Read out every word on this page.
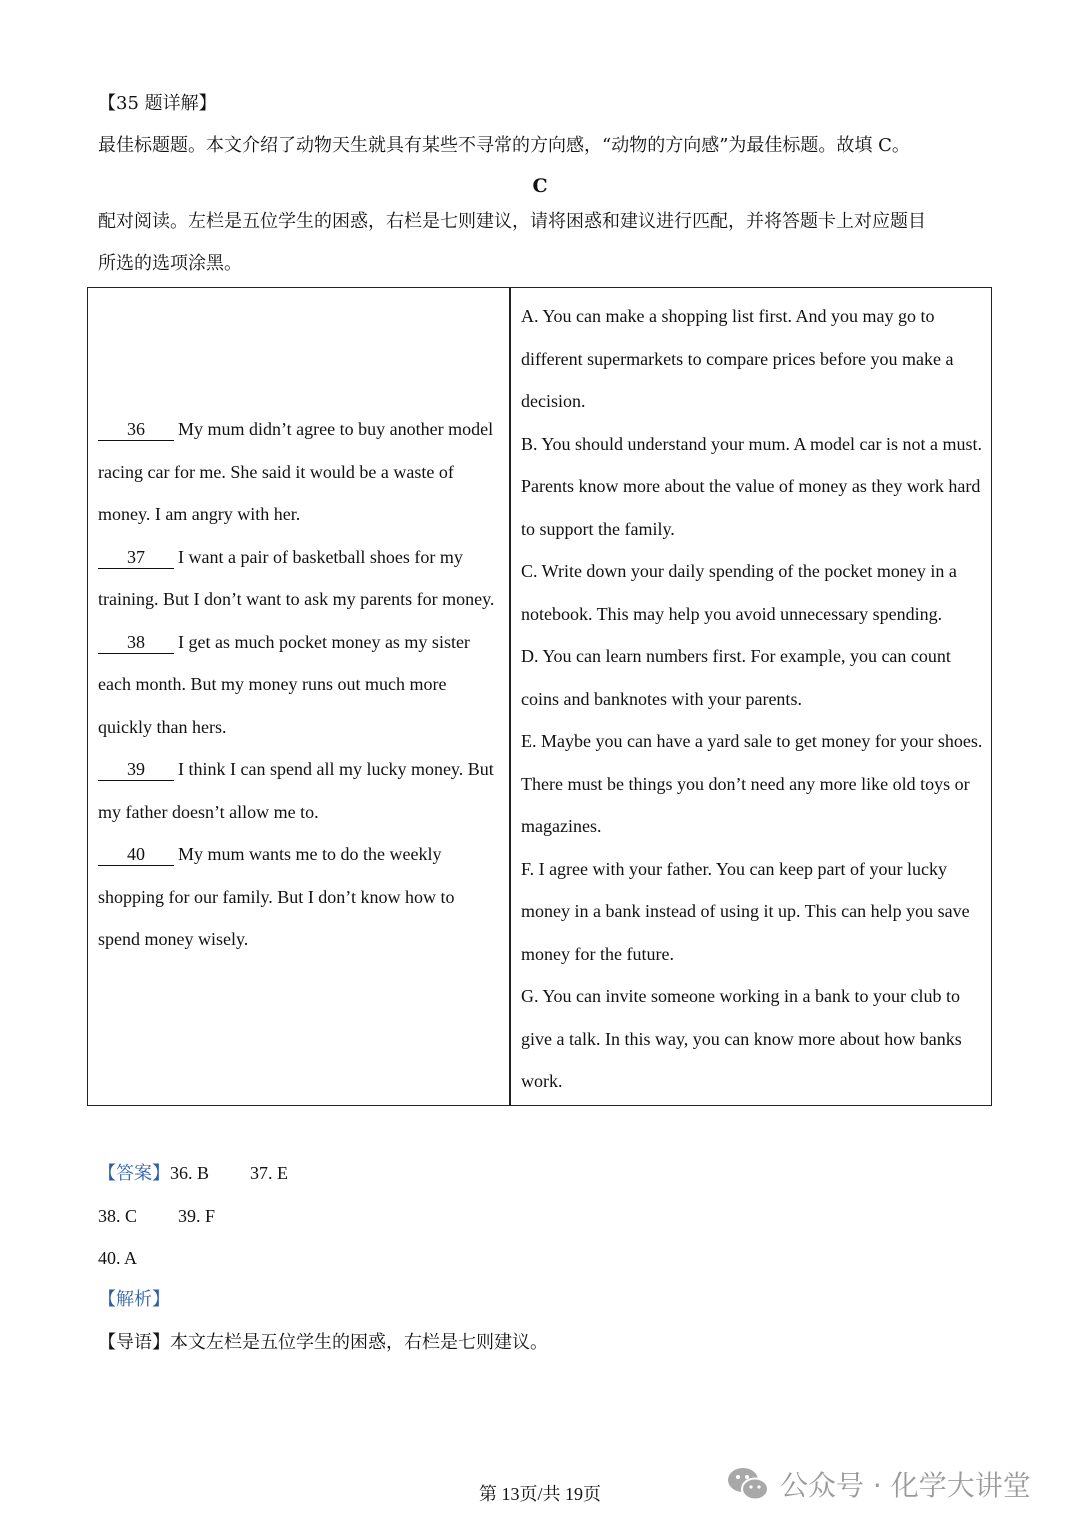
【35 题详解】
最佳标题题。本文介绍了动物天生就具有某些不寻常的方向感，“动物的方向感”为最佳标题。故填 C。
C
配对阅读。左栏是五位学生的困惑，右栏是七则建议，请将困惑和建议进行匹配，并将答题卡上对应题目
所选的选项涂黑。
36 My mum didn’t agree to buy another model racing car for me. She said it would be a waste of money. I am angry with her.
37 I want a pair of basketball shoes for my training. But I don’t want to ask my parents for money.
38 I get as much pocket money as my sister each month. But my money runs out much more quickly than hers.
39 I think I can spend all my lucky money. But my father doesn’t allow me to.
40 My mum wants me to do the weekly shopping for our family. But I don’t know how to spend money wisely.
A. You can make a shopping list first. And you may go to different supermarkets to compare prices before you make a decision.
B. You should understand your mum. A model car is not a must. Parents know more about the value of money as they work hard to support the family.
C. Write down your daily spending of the pocket money in a notebook. This may help you avoid unnecessary spending.
D. You can learn numbers first. For example, you can count coins and banknotes with your parents.
E. Maybe you can have a yard sale to get money for your shoes. There must be things you don’t need any more like old toys or magazines.
F. I agree with your father. You can keep part of your lucky money in a bank instead of using it up. This can help you save money for the future.
G. You can invite someone working in a bank to your club to give a talk. In this way, you can know more about how banks work.
【答案】36. B 37. E
38. C 39. F
40. A
【解析】
【导语】本文左栏是五位学生的困惑，右栏是七则建议。
第 13页/共 19页	公众号 · 化学大讲堂
